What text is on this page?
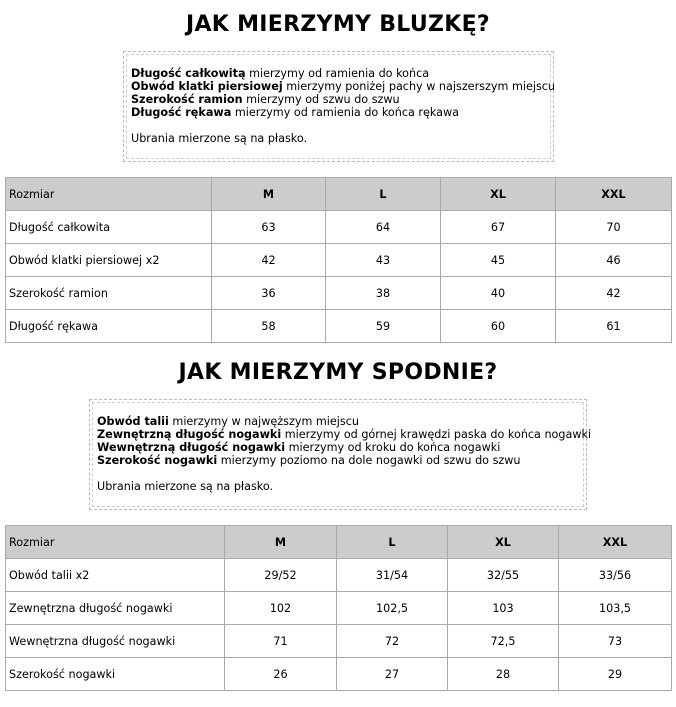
JAK MIERZYMY BLUZKĘ?
Długość całkowitą mierzymy od ramienia do końca
Obwód klatki piersiowej mierzymy poniżej pachy w najszerszym miejscu
Szerokość ramion mierzymy od szwu do szwu
Długość rękawa mierzymy od ramienia do końca rękawa
Ubrania mierzone są na płasko.
Rozmiar	M	L	XL	XXL
Długość całkowita	63	64	67	70
Obwód klatki piersiowej x2	42	43	45	46
Szerokość ramion	36	38	40	42
Długość rękawa	58	59	60	61
JAK MIERZYMY SPODNIE?
Obwód talii mierzymy w najwęższym miejscu
Zewnętrzną długość nogawki mierzymy od górnej krawędzi paska do końca nogawki
Wewnętrzną długość nogawki mierzymy od kroku do końca nogawki
Szerokość nogawki mierzymy poziomo na dole nogawki od szwu do szwu
Ubrania mierzone są na płasko.
Rozmiar	M	L	XL	XXL
Obwód talii x2	29/52	31/54	32/55	33/56
Zewnętrzna długość nogawki	102	102,5	103	103,5
Wewnętrzna długość nogawki	71	72	72,5	73
Szerokość nogawki	26	27	28	29
